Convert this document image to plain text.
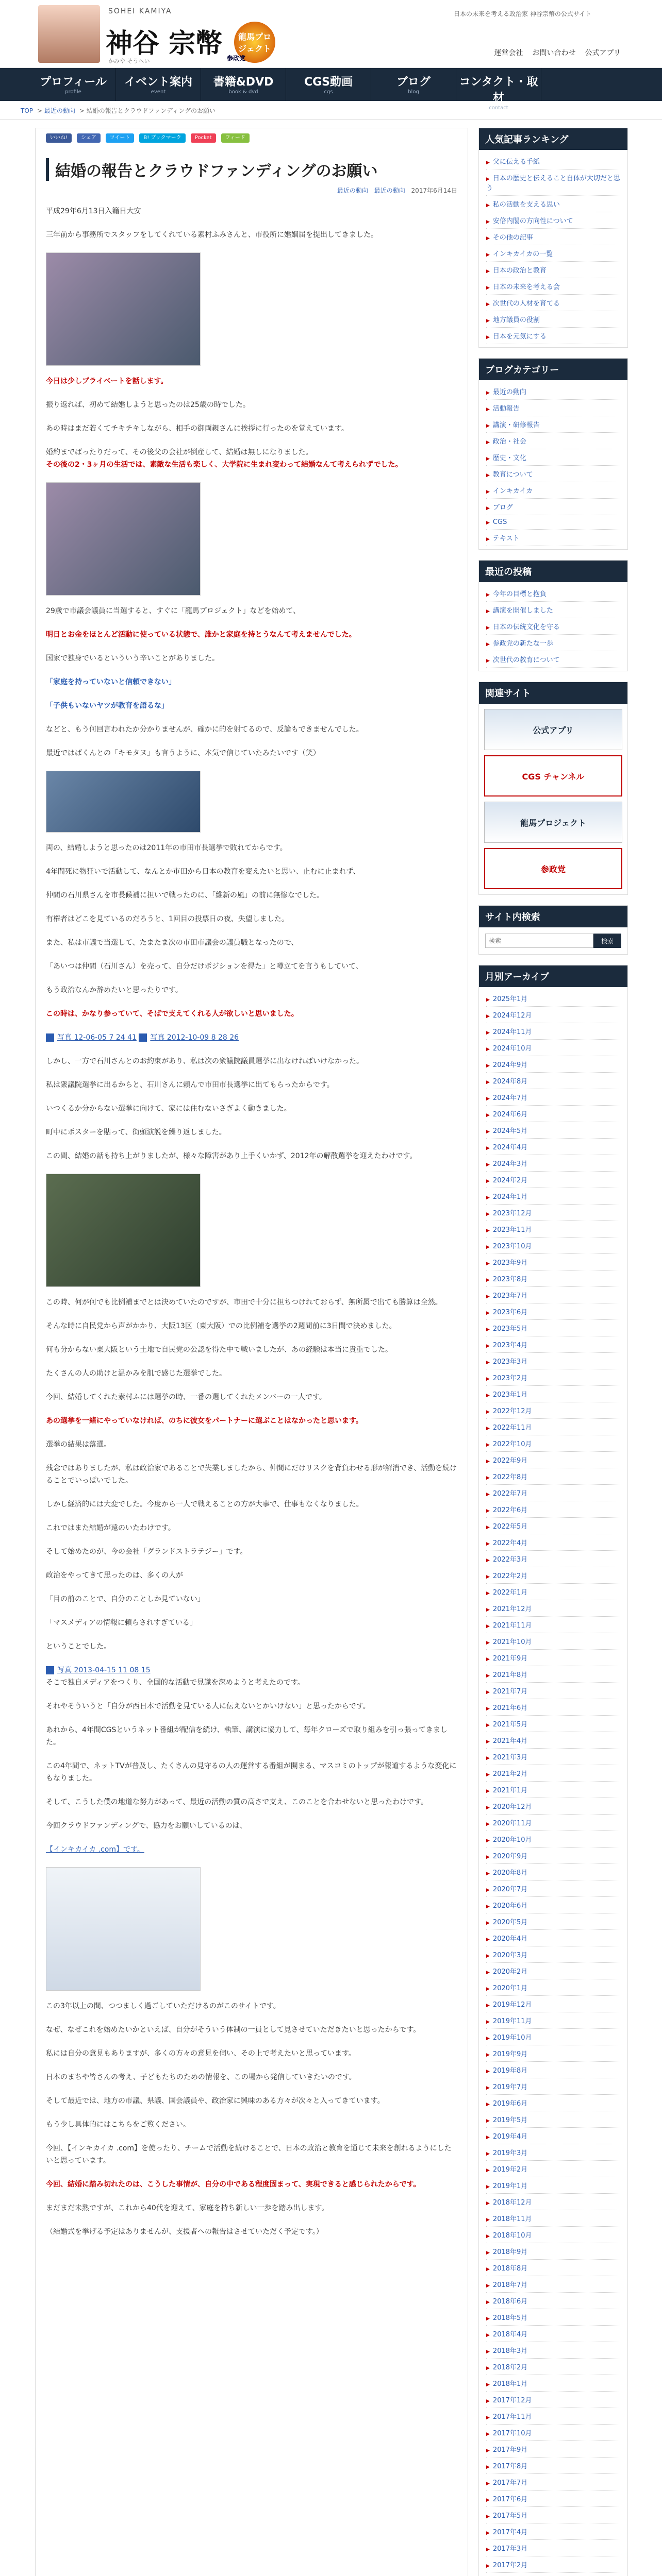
SOHEI KAMIYA
神谷 宗幣
かみや そうへい
龍馬プロジェクト
参政党
日本の未来を考える政治家 神谷宗幣の公式サイト
運営会社 お問い合わせ 公式アプリ
プロフィール
profile
イベント案内
event
書籍&DVD
book & dvd
CGS動画
cgs
ブログ
blog
コンタクト・取材
contact
TOP > 最近の動向 > 結婚の報告とクラウドファンディングのお願い
いいね!	シェア	ツイート	B! ブックマーク	Pocket	フィード
結婚の報告とクラウドファンディングのお願い
最近の動向 最近の動向 2017年6月14日

平成29年6月13日入籍日大安

三年前から事務所でスタッフをしてくれている素村ふみさんと、市役所に婚姻届を提出してきました。

今日は少しプライベートを話します。

振り返れば、初めて結婚しようと思ったのは25歳の時でした。

あの時はまだ若くてチキチキしながら、相手の御両親さんに挨拶に行ったのを覚えています。

婚約までばったりだって、その後父の会社が倒産して、結婚は無しになりました。
その後の2・3ヶ月の生活では、素敵な生活も楽しく、大学院に生まれ変わって結婚なんて考えられずでした。

29歳で市議会議員に当選すると、すぐに「龍馬プロジェクト」などを始めて、

明日とお金をほとんど活動に使っている状態で、誰かと家庭を持とうなんて考えませんでした。

国家で独身でいるといういう辛いことがありました。

「家庭を持っていないと信頼できない」

「子供もいないヤツが教育を語るな」

などと、もう何回言われたか分かりませんが、確かに的を射てるので、反論もできませんでした。

最近ではばくんとの「キモタヌ」も言うように、本気で信じていたみたいです（笑）

両の、結婚しようと思ったのは2011年の市田市長選挙で敗れてからです。

4年間死に物狂いで活動して、なんとか市田から日本の教育を変えたいと思い、止むに止まれず、

仲間の石川県さんを市長候補に担いで戦ったのに、「維新の風」の前に無惨なでした。

有権者はどこを見ているのだろうと、1回目の投票日の夜、失望しました。

また、私は市議で当選して、たまたま次の市田市議会の議員職となったので、

「あいつは仲間（石川さん）を売って、自分だけポジションを得た」と噂立てを言うもしていて、

もう政治なんか辞めたいと思ったりです。

この時は、かなり参っていて、そばで支えてくれる人が欲しいと思いました。

写真 12-06-05 7 24 41 写真 2012-10-09 8 28 26

しかし、一方で石川さんとのお約束があり、私は次の衆議院議員選挙に出なければいけなかった。

私は衆議院選挙に出るからと、石川さんに頼んで市田市長選挙に出てもらったからです。

いつくるか分からない選挙に向けて、家には住むないさぎよく動きました。

町中にポスターを貼って、街頭演説を繰り返しました。

この間、結婚の話も持ち上がりましたが、様々な障害があり上手くいかず、2012年の解散選挙を迎えたわけです。

この時、何が何でも比例補までとは決めていたのですが、市田で十分に担ちつけれておらず、無所属で出ても勝算は全然。

そんな時に自民党から声がかかり、大阪13区（東大阪）での比例補を選挙の2週間前に3日間で決めました。

何も分からない東大阪という土地で自民党の公認を得た中で戦いましたが、あの経験は本当に貴重でした。

たくさんの人の助けと温かみを肌で感じた選挙でした。

今回、結婚してくれた素村ふには選挙の時、一番の選してくれたメンバーの一人です。

あの選挙を一緒にやっていなければ、のちに彼女をパートナーに選ぶことはなかったと思います。

選挙の結果は落選。

残念ではありましたが、私は政治家であることで失業しましたから、仲間にだけリスクを背負わせる形が解消でき、活動を続けることでいっぱいでした。

しかし経済的には大変でした。今度から一人で戦えることの方が大事で、仕事もなくなりました。

これではまた結婚が遠のいたわけです。

そして始めたのが、今の会社「グランドストラテジー」です。

政治をやってきて思ったのは、多くの人が

「目の前のことで、自分のことしか見ていない」

「マスメディアの情報に頼らされすぎている」

ということでした。

写真 2013-04-15 11 08 15
そこで独自メディアをつくり、全国的な活動で見識を深めようと考えたのです。

それやそういうと「自分が西日本で活動を見ている人に伝えないとかいけない」と思ったからです。

あれから、4年間CGSというネット番組が配信を続け、執筆、講演に協力して、毎年クローズで取り組みを引っ張ってきました。

この4年間で、ネットTVが普及し、たくさんの見守るの人の運営する番組が開まる、マスコミのトップが報道するような変化にもなりました。

そして、こうした僕の地道な努力があって、最近の活動の質の高さで支え、このことを合わせないと思ったわけです。

今回クラウドファンディングで、協力をお願いしているのは、

【インキカイカ .com】です。

この3年以上の間、つつましく過ごしていただけるのがこのサイトです。

なぜ、なぜこれを始めたいかといえば、自分がそういう体制の一員として見させていただきたいと思ったからです。

私には自分の意見もありますが、多くの方々の意見を伺い、その上で考えたいと思っています。

日本のまちや皆さんの考え、子どもたちのための情報を、この場から発信していきたいのです。

そして最近では、地方の市議、県議、国会議員や、政治家に興味のある方々が次々と入ってきています。

もう少し具体的にはこちらをご覧ください。

今回、【インキカイカ .com】を使ったり、チームで活動を続けることで、日本の政治と教育を通じて未来を創れるようにしたいと思っています。

今回、結婚に踏み切れたのは、こうした事情が、自分の中である程度固まって、実現できると感じられたからです。

まだまだ未熟ですが、これから40代を迎えて、家庭を持ち新しい一歩を踏み出します。

（結婚式を挙げる予定はありませんが、支援者への報告はさせていただく予定です。）

人気記事ランキング
▶ 父に伝える手紙
▶ 日本の歴史と伝えること自体が大切だと思う
▶ 私の活動を支える思い
▶ 安倍内閣の方向性について
▶ その他の記事
▶ インキカイカの一覧
▶ 日本の政治と教育
▶ 日本の未来を考える会
▶ 次世代の人材を育てる
▶ 地方議員の役割
▶ 日本を元気にする
ブログカテゴリー
▶ 最近の動向
▶ 活動報告
▶ 講演・研修報告
▶ 政治・社会
▶ 歴史・文化
▶ 教育について
▶ インキカイカ
▶ ブログ
▶ CGS
▶ テキスト
最近の投稿
▶ 今年の目標と抱負
▶ 講演を開催しました
▶ 日本の伝統文化を守る
▶ 参政党の新たな一歩
▶ 次世代の教育について
関連サイト
公式アプリ
CGS チャンネル
龍馬プロジェクト
参政党
サイト内検索
検索
検索
月別アーカイブ
▶ 2025年1月
▶ 2024年12月
▶ 2024年11月
▶ 2024年10月
▶ 2024年9月
▶ 2024年8月
▶ 2024年7月
▶ 2024年6月
▶ 2024年5月
▶ 2024年4月
▶ 2024年3月
▶ 2024年2月
▶ 2024年1月
▶ 2023年12月
▶ 2023年11月
▶ 2023年10月
▶ 2023年9月
▶ 2023年8月
▶ 2023年7月
▶ 2023年6月
▶ 2023年5月
▶ 2023年4月
▶ 2023年3月
▶ 2023年2月
▶ 2023年1月
▶ 2022年12月
▶ 2022年11月
▶ 2022年10月
▶ 2022年9月
▶ 2022年8月
▶ 2022年7月
▶ 2022年6月
▶ 2022年5月
▶ 2022年4月
▶ 2022年3月
▶ 2022年2月
▶ 2022年1月
▶ 2021年12月
▶ 2021年11月
▶ 2021年10月
▶ 2021年9月
▶ 2021年8月
▶ 2021年7月
▶ 2021年6月
▶ 2021年5月
▶ 2021年4月
▶ 2021年3月
▶ 2021年2月
▶ 2021年1月
▶ 2020年12月
▶ 2020年11月
▶ 2020年10月
▶ 2020年9月
▶ 2020年8月
▶ 2020年7月
▶ 2020年6月
▶ 2020年5月
▶ 2020年4月
▶ 2020年3月
▶ 2020年2月
▶ 2020年1月
▶ 2019年12月
▶ 2019年11月
▶ 2019年10月
▶ 2019年9月
▶ 2019年8月
▶ 2019年7月
▶ 2019年6月
▶ 2019年5月
▶ 2019年4月
▶ 2019年3月
▶ 2019年2月
▶ 2019年1月
▶ 2018年12月
▶ 2018年11月
▶ 2018年10月
▶ 2018年9月
▶ 2018年8月
▶ 2018年7月
▶ 2018年6月
▶ 2018年5月
▶ 2018年4月
▶ 2018年3月
▶ 2018年2月
▶ 2018年1月
▶ 2017年12月
▶ 2017年11月
▶ 2017年10月
▶ 2017年9月
▶ 2017年8月
▶ 2017年7月
▶ 2017年6月
▶ 2017年5月
▶ 2017年4月
▶ 2017年3月
▶ 2017年2月
▶
